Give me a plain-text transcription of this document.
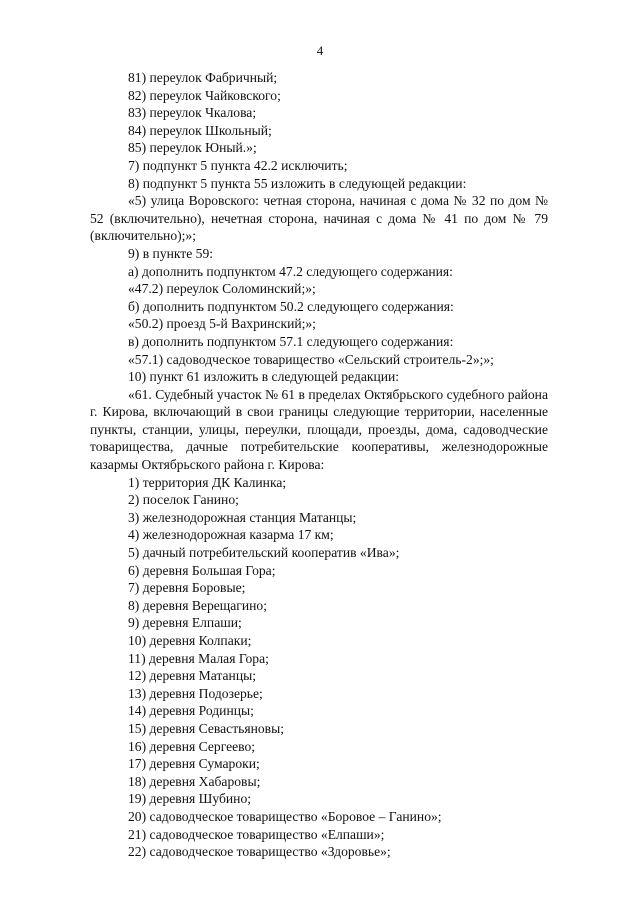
4

81) переулок Фабричный;

82) переулок Чайковского;

83) переулок Чкалова;

84) переулок Школьный;

85) переулок Юный.»;

7) подпункт 5 пункта 42.2 исключить;

8) подпункт 5 пункта 55 изложить в следующей редакции:

«5) улица Воровского: четная сторона, начиная с дома № 32 по дом № 52 (включительно), нечетная сторона, начиная с дома № 41 по дом № 79 (включительно);»;

9) в пункте 59:

а) дополнить подпунктом 47.2 следующего содержания:

«47.2) переулок Соломинский;»;

б) дополнить подпунктом 50.2 следующего содержания:

«50.2) проезд 5-й Вахринский;»;

в) дополнить подпунктом 57.1 следующего содержания:

«57.1) садоводческое товарищество «Сельский строитель-2»;»;

10) пункт 61 изложить в следующей редакции:

«61. Судебный участок № 61 в пределах Октябрьского судебного района г. Кирова, включающий в свои границы следующие территории, населенные пункты, станции, улицы, переулки, площади, проезды, дома, садоводческие товарищества, дачные потребительские кооперативы, железнодорожные казармы Октябрьского района г. Кирова:

1) территория ДК Калинка;

2) поселок Ганино;

3) железнодорожная станция Матанцы;

4) железнодорожная казарма 17 км;

5) дачный потребительский кооператив «Ива»;

6) деревня Большая Гора;

7) деревня Боровые;

8) деревня Верещагино;

9) деревня Елпаши;

10) деревня Колпаки;

11) деревня Малая Гора;

12) деревня Матанцы;

13) деревня Подозерье;

14) деревня Родинцы;

15) деревня Севастьяновы;

16) деревня Сергеево;

17) деревня Сумароки;

18) деревня Хабаровы;

19) деревня Шубино;

20) садоводческое товарищество «Боровое – Ганино»;

21) садоводческое товарищество «Елпаши»;

22) садоводческое товарищество «Здоровье»;
